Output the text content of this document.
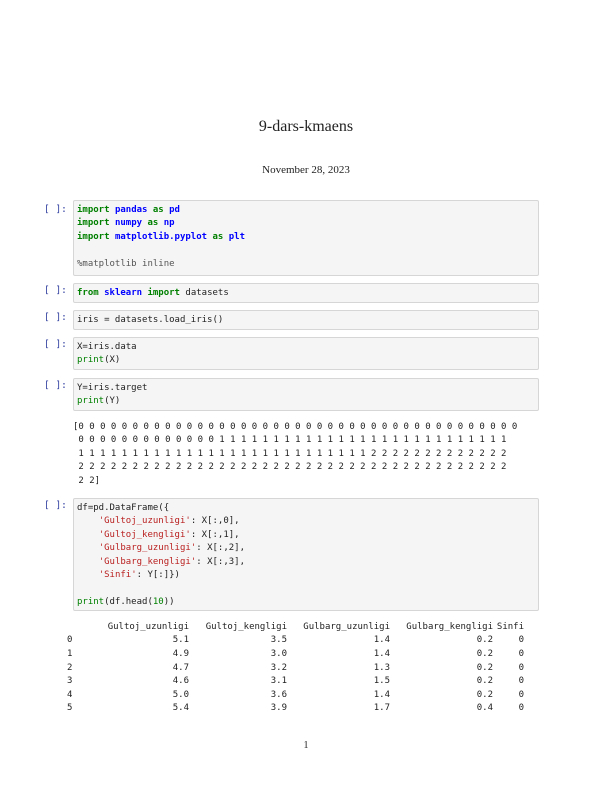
9-dars-kmaens
November 28, 2023
[ ]:	import pandas as pd
import numpy as np
import matplotlib.pyplot as plt

%matplotlib inline
[ ]:	from sklearn import datasets
[ ]:	iris = datasets.load_iris()
[ ]:	X=iris.data
print(X)
[ ]:	Y=iris.target
print(Y)
[0 0 0 0 0 0 0 0 0 0 0 0 0 0 0 0 0 0 0 0 0 0 0 0 0 0 0 0 0 0 0 0 0 0 0 0 0 0 0 0 0
0 0 0 0 0 0 0 0 0 0 0 0 0 1 1 1 1 1 1 1 1 1 1 1 1 1 1 1 1 1 1 1 1 1 1 1 1 1 1 1
1 1 1 1 1 1 1 1 1 1 1 1 1 1 1 1 1 1 1 1 1 1 1 1 1 1 1 2 2 2 2 2 2 2 2 2 2 2 2 2
2 2 2 2 2 2 2 2 2 2 2 2 2 2 2 2 2 2 2 2 2 2 2 2 2 2 2 2 2 2 2 2 2 2 2 2 2 2 2 2
2 2]
[ ]:	df=pd.DataFrame({
'Gultoj_uzunligi': X[:,0],
'Gultoj_kengligi': X[:,1],
'Gulbarg_uzunligi': X[:,2],
'Gulbarg_kengligi': X[:,3],
'Sinfi': Y[:]})

print(df.head(10))
	Gultoj_uzunligi	Gultoj_kengligi	Gulbarg_uzunligi	Gulbarg_kengligi	Sinfi
0	5.1	3.5	1.4	0.2	0
1	4.9	3.0	1.4	0.2	0
2	4.7	3.2	1.3	0.2	0
3	4.6	3.1	1.5	0.2	0
4	5.0	3.6	1.4	0.2	0
5	5.4	3.9	1.7	0.4	0
1
